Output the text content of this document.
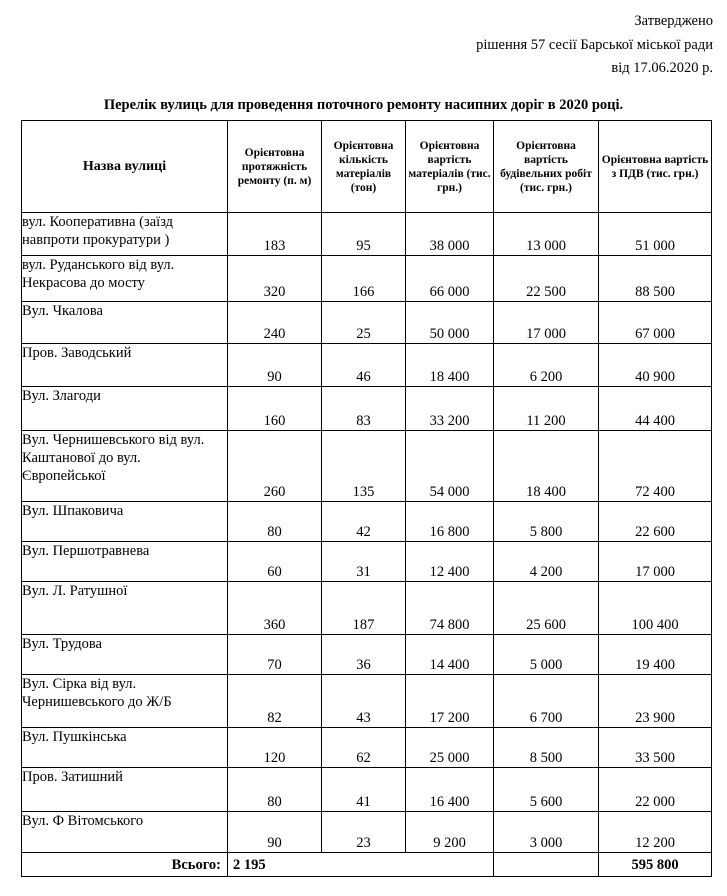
Затверджено
рішення 57 сесії Барської міської ради
від 17.06.2020 р.
Перелік вулиць для проведення поточного ремонту насипних доріг в 2020 році.
Назва вулиці	Орієнтовна протяжність ремонту (п. м)	Орієнтовна кількість матеріалів (тон)	Орієнтовна вартість матеріалів (тис. грн.)	Орієнтовна вартість будівельних робіт (тис. грн.)	Орієнтовна вартість з ПДВ (тис. грн.)
вул. Кооперативна (заїзд навпроти прокуратури )	183	95	38 000	13 000	51 000
вул. Руданського від вул. Некрасова до мосту	320	166	66 000	22 500	88 500
Вул. Чкалова	240	25	50 000	17 000	67 000
Пров. Заводський	90	46	18 400	6 200	40 900
Вул. Злагоди	160	83	33 200	11 200	44 400
Вул. Чернишевського від вул. Каштанової до вул. Європейської	260	135	54 000	18 400	72 400
Вул. Шпаковича	80	42	16 800	5 800	22 600
Вул. Першотравнева	60	31	12 400	4 200	17 000
Вул. Л. Ратушної	360	187	74 800	25 600	100 400
Вул. Трудова	70	36	14 400	5 000	19 400
Вул. Сірка від вул. Чернишевського до Ж/Б	82	43	17 200	6 700	23 900
Вул. Пушкінська	120	62	25 000	8 500	33 500
Пров. Затишний	80	41	16 400	5 600	22 000
Вул. Ф Вітомського	90	23	9 200	3 000	12 200
Всього:	2 195				595 800
